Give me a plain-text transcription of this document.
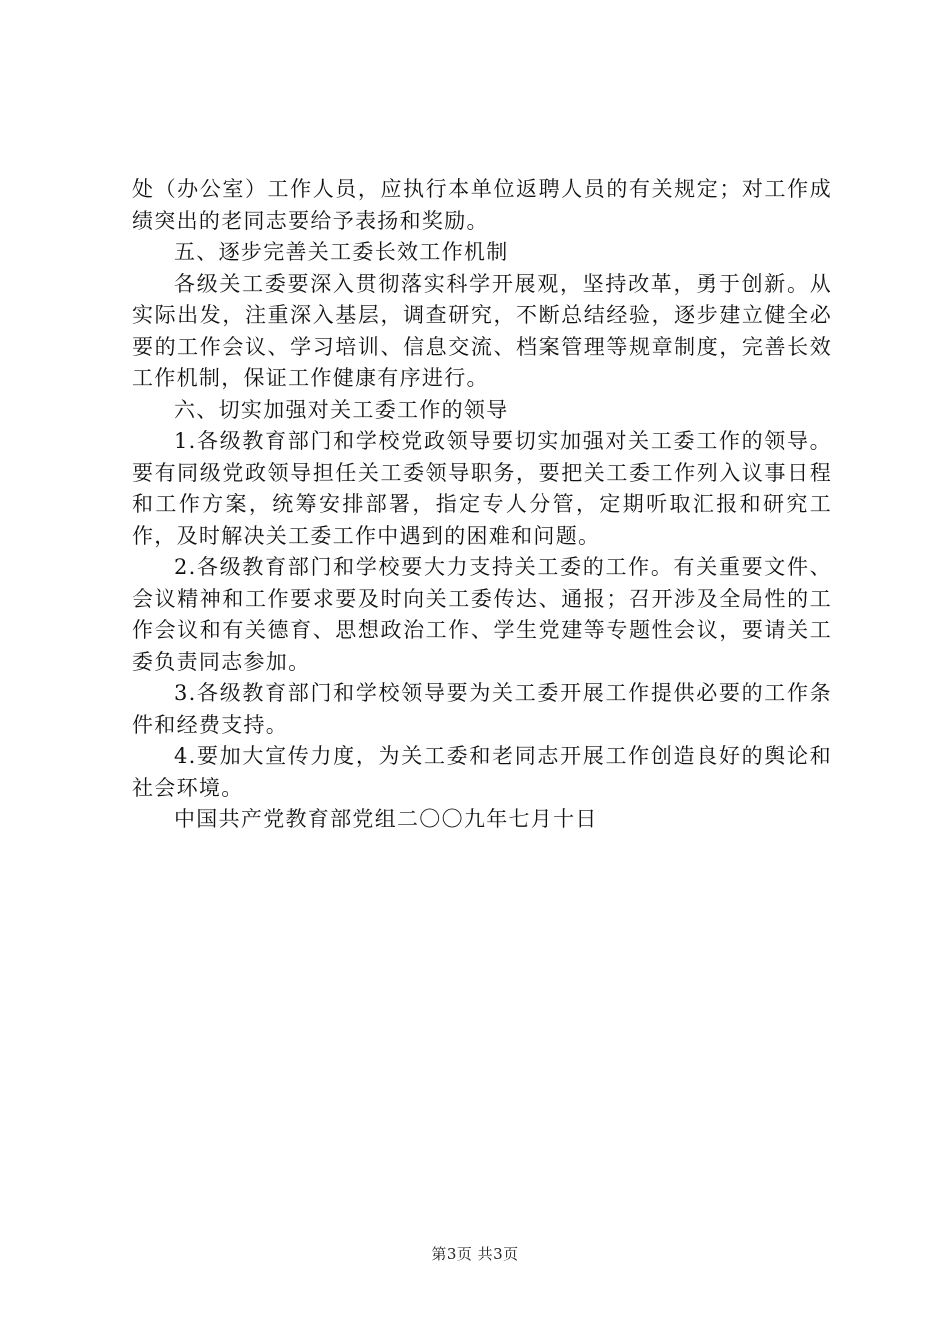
处（办公室）工作人员，应执行本单位返聘人员的有关规定；对工作成绩突出的老同志要给予表扬和奖励。

五、逐步完善关工委长效工作机制

各级关工委要深入贯彻落实科学开展观，坚持改革，勇于创新。从实际出发，注重深入基层，调查研究，不断总结经验，逐步建立健全必要的工作会议、学习培训、信息交流、档案管理等规章制度，完善长效工作机制，保证工作健康有序进行。

六、切实加强对关工委工作的领导

1.各级教育部门和学校党政领导要切实加强对关工委工作的领导。要有同级党政领导担任关工委领导职务，要把关工委工作列入议事日程和工作方案，统筹安排部署，指定专人分管，定期听取汇报和研究工作，及时解决关工委工作中遇到的困难和问题。

2.各级教育部门和学校要大力支持关工委的工作。有关重要文件、会议精神和工作要求要及时向关工委传达、通报；召开涉及全局性的工作会议和有关德育、思想政治工作、学生党建等专题性会议，要请关工委负责同志参加。

3.各级教育部门和学校领导要为关工委开展工作提供必要的工作条件和经费支持。

4.要加大宣传力度，为关工委和老同志开展工作创造良好的舆论和社会环境。

中国共产党教育部党组二〇〇九年七月十日

第3页 共3页
